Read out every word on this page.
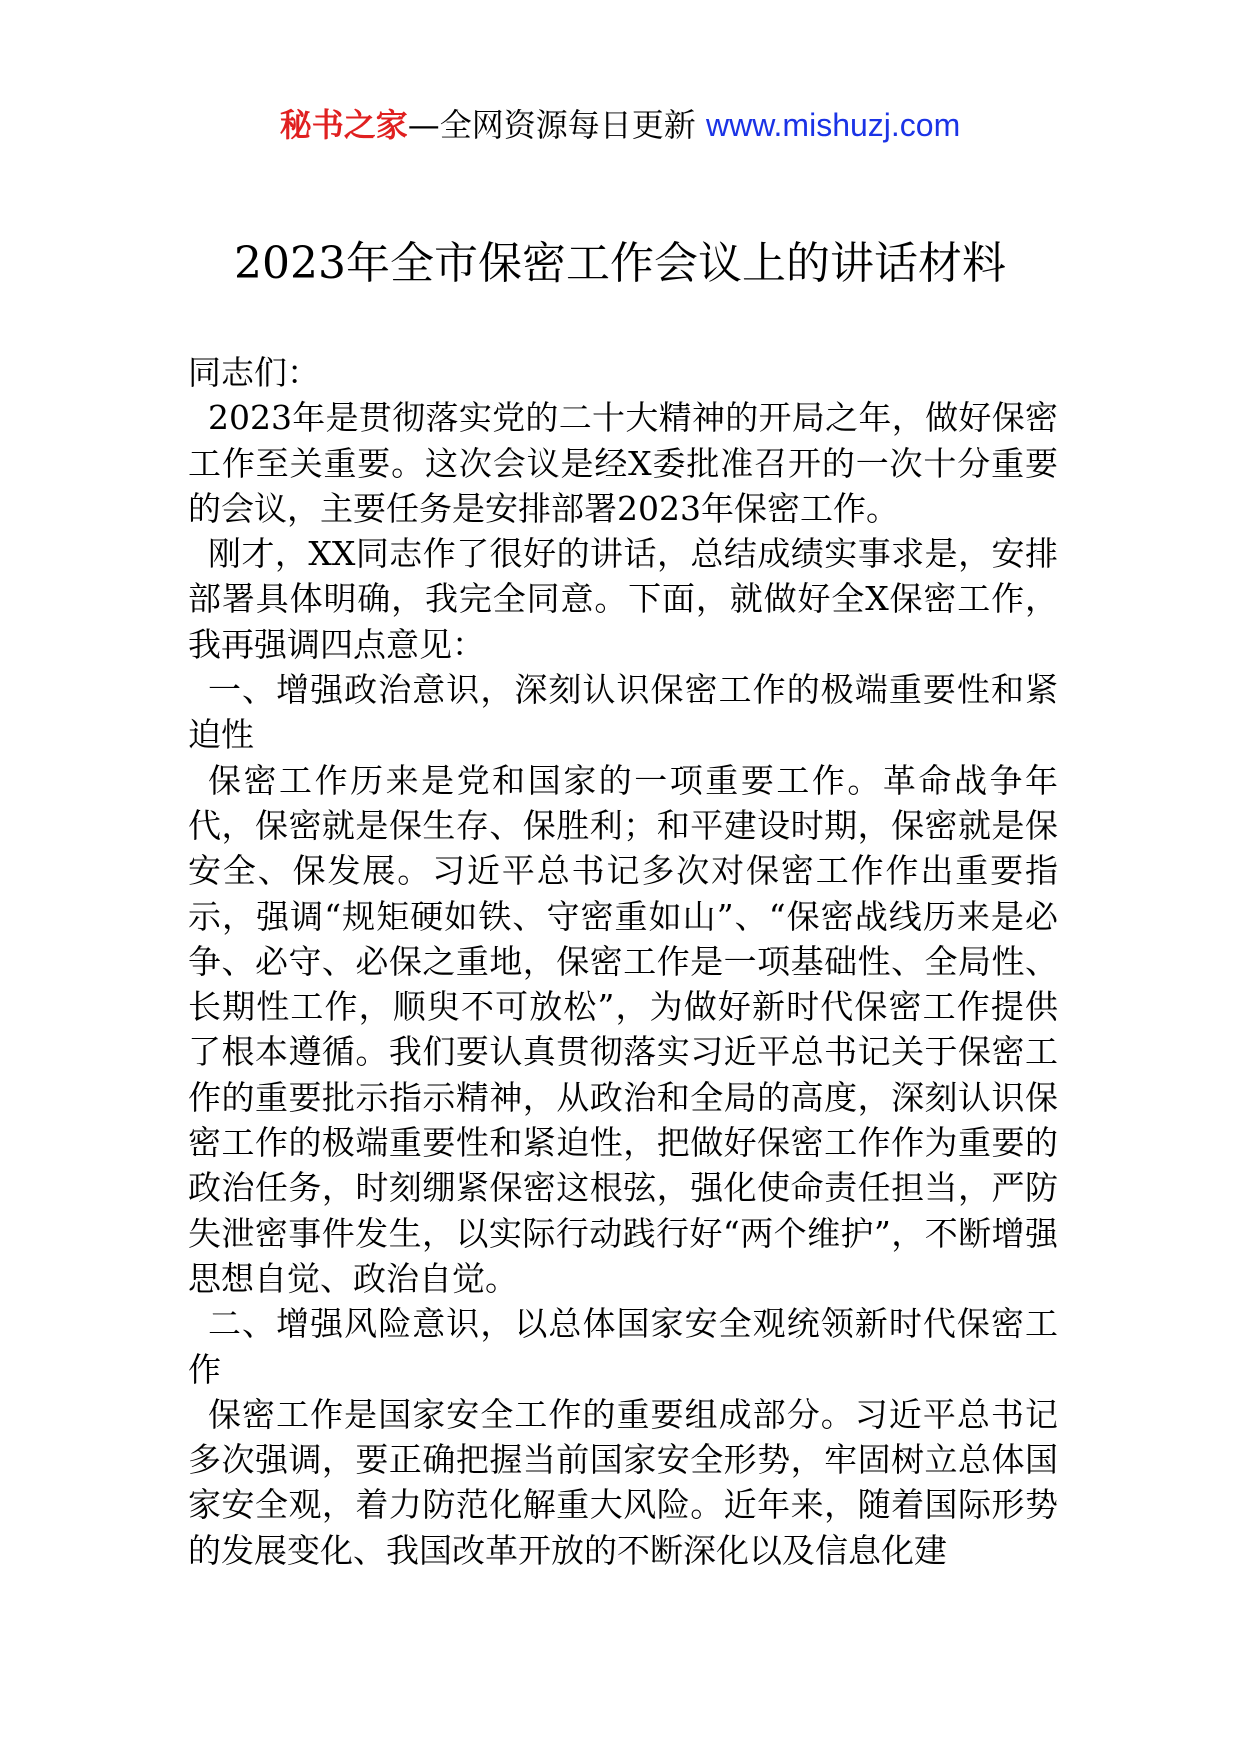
秘书之家—全网资源每日更新 www.mishuzj.com
2023年全市保密工作会议上的讲话材料

同志们：

2023年是贯彻落实党的二十大精神的开局之年，做好保密工作至关重要。这次会议是经X委批准召开的一次十分重要的会议，主要任务是安排部署2023年保密工作。

刚才，XX同志作了很好的讲话，总结成绩实事求是，安排部署具体明确，我完全同意。下面，就做好全X保密工作，我再强调四点意见：

一、增强政治意识，深刻认识保密工作的极端重要性和紧迫性

保密工作历来是党和国家的一项重要工作。革命战争年代，保密就是保生存、保胜利；和平建设时期，保密就是保安全、保发展。习近平总书记多次对保密工作作出重要指示，强调“规矩硬如铁、守密重如山”、“保密战线历来是必争、必守、必保之重地，保密工作是一项基础性、全局性、长期性工作，顺臾不可放松”，为做好新时代保密工作提供了根本遵循。我们要认真贯彻落实习近平总书记关于保密工作的重要批示指示精神，从政治和全局的高度，深刻认识保密工作的极端重要性和紧迫性，把做好保密工作作为重要的政治任务，时刻绷紧保密这根弦，强化使命责任担当，严防失泄密事件发生，以实际行动践行好“两个维护”，不断增强思想自觉、政治自觉。

二、增强风险意识，以总体国家安全观统领新时代保密工作

保密工作是国家安全工作的重要组成部分。习近平总书记多次强调，要正确把握当前国家安全形势，牢固树立总体国家安全观，着力防范化解重大风险。近年来，随着国际形势的发展变化、我国改革开放的不断深化以及信息化建
